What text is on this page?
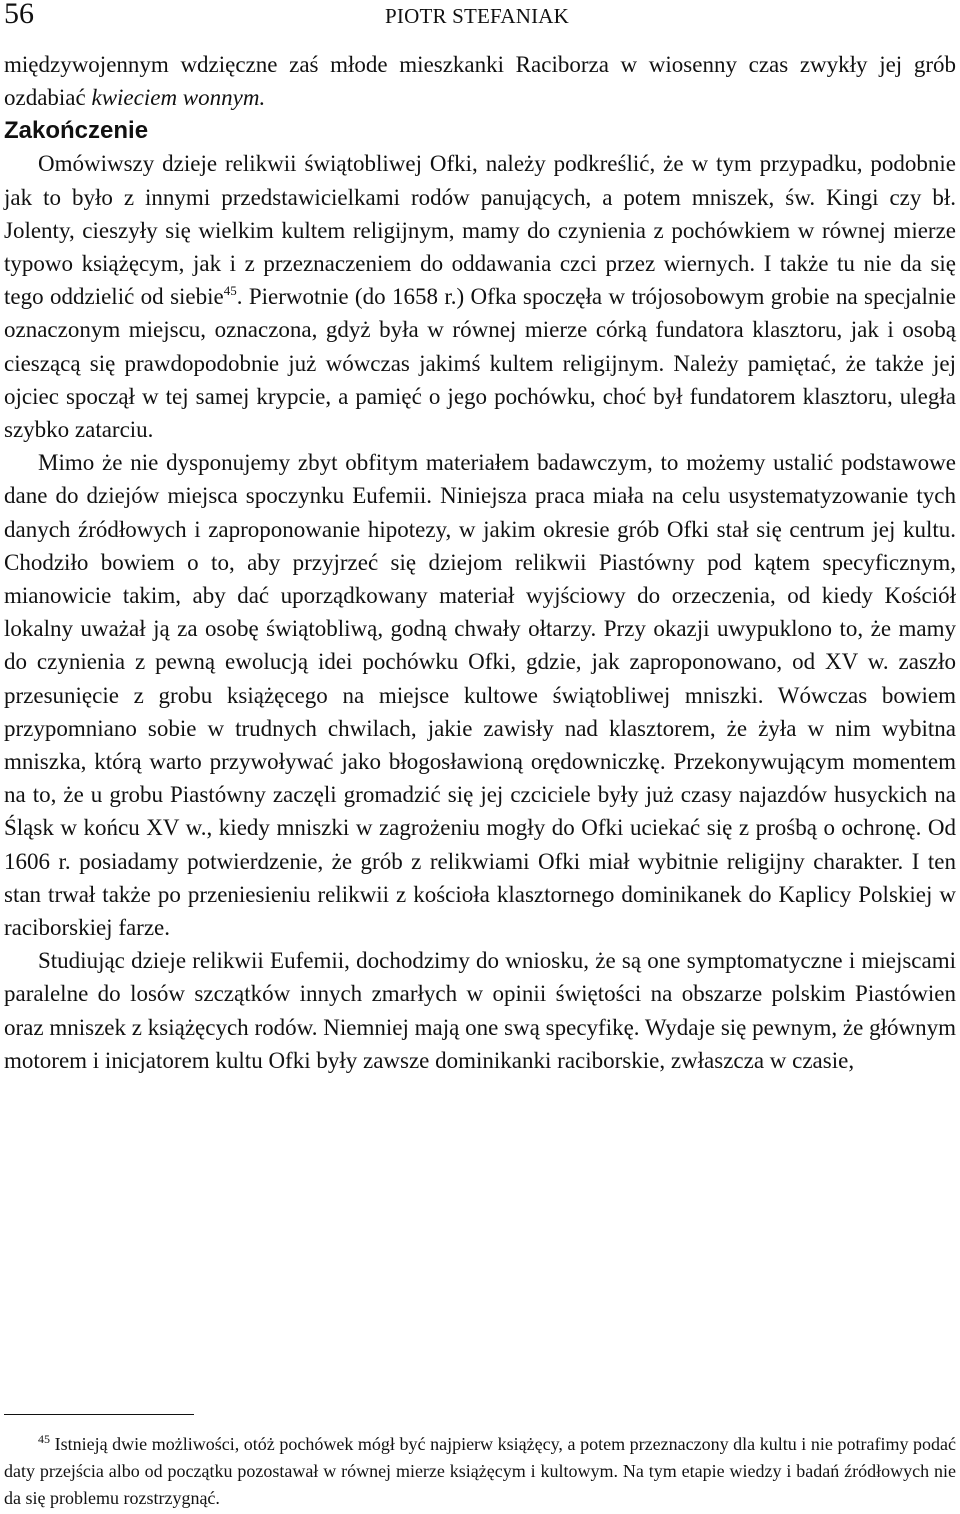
56	PIOTR STEFANIAK

międzywojennym wdzięczne zaś młode mieszkanki Raciborza w wiosenny czas zwykły jej grób ozdabiać kwieciem wonnym.

Zakończenie

Omówiwszy dzieje relikwii świątobliwej Ofki, należy podkreślić, że w tym przypadku, podobnie jak to było z innymi przedstawicielkami rodów panujących, a potem mniszek, św. Kingi czy bł. Jolenty, cieszyły się wielkim kultem religijnym, mamy do czynienia z pochówkiem w równej mierze typowo książęcym, jak i z przeznaczeniem do oddawania czci przez wiernych. I także tu nie da się tego oddzielić od siebie$^{45}$. Pierwotnie (do 1658 r.) Ofka spoczęła w trójosobowym grobie na specjalnie oznaczonym miejscu, oznaczona, gdyż była w równej mierze córką fundatora klasztoru, jak i osobą cieszącą się prawdopodobnie już wówczas jakimś kultem religijnym. Należy pamiętać, że także jej ojciec spoczął w tej samej krypcie, a pamięć o jego pochówku, choć był fundatorem klasztoru, uległa szybko zatarciu.

Mimo że nie dysponujemy zbyt obfitym materiałem badawczym, to możemy ustalić podstawowe dane do dziejów miejsca spoczynku Eufemii. Niniejsza praca miała na celu usystematyzowanie tych danych źródłowych i zaproponowanie hipotezy, w jakim okresie grób Ofki stał się centrum jej kultu. Chodziło bowiem o to, aby przyjrzeć się dziejom relikwii Piastówny pod kątem specyficznym, mianowicie takim, aby dać uporządkowany materiał wyjściowy do orzeczenia, od kiedy Kościół lokalny uważał ją za osobę świątobliwą, godną chwały ołtarzy. Przy okazji uwypuklono to, że mamy do czynienia z pewną ewolucją idei pochówku Ofki, gdzie, jak zaproponowano, od XV w. zaszło przesunięcie z grobu książęcego na miejsce kultowe świątobliwej mniszki. Wówczas bowiem przypomniano sobie w trudnych chwilach, jakie zawisły nad klasztorem, że żyła w nim wybitna mniszka, którą warto przywoływać jako błogosławioną orędowniczkę. Przekonywującym momentem na to, że u grobu Piastówny zaczęli gromadzić się jej czciciele były już czasy najazdów husyckich na Śląsk w końcu XV w., kiedy mniszki w zagrożeniu mogły do Ofki uciekać się z prośbą o ochronę. Od 1606 r. posiadamy potwierdzenie, że grób z relikwiami Ofki miał wybitnie religijny charakter. I ten stan trwał także po przeniesieniu relikwii z kościoła klasztornego dominikanek do Kaplicy Polskiej w raciborskiej farze.

Studiując dzieje relikwii Eufemii, dochodzimy do wniosku, że są one symptomatyczne i miejscami paralelne do losów szczątków innych zmarłych w opinii świętości na obszarze polskim Piastówien oraz mniszek z książęcych rodów. Niemniej mają one swą specyfikę. Wydaje się pewnym, że głównym motorem i inicjatorem kultu Ofki były zawsze dominikanki raciborskie, zwłaszcza w czasie,

$^{45}$ Istnieją dwie możliwości, otóż pochówek mógł być najpierw książęcy, a potem przeznaczony dla kultu i nie potrafimy podać daty przejścia albo od początku pozostawał w równej mierze książęcym i kultowym. Na tym etapie wiedzy i badań źródłowych nie da się problemu rozstrzygnąć.
